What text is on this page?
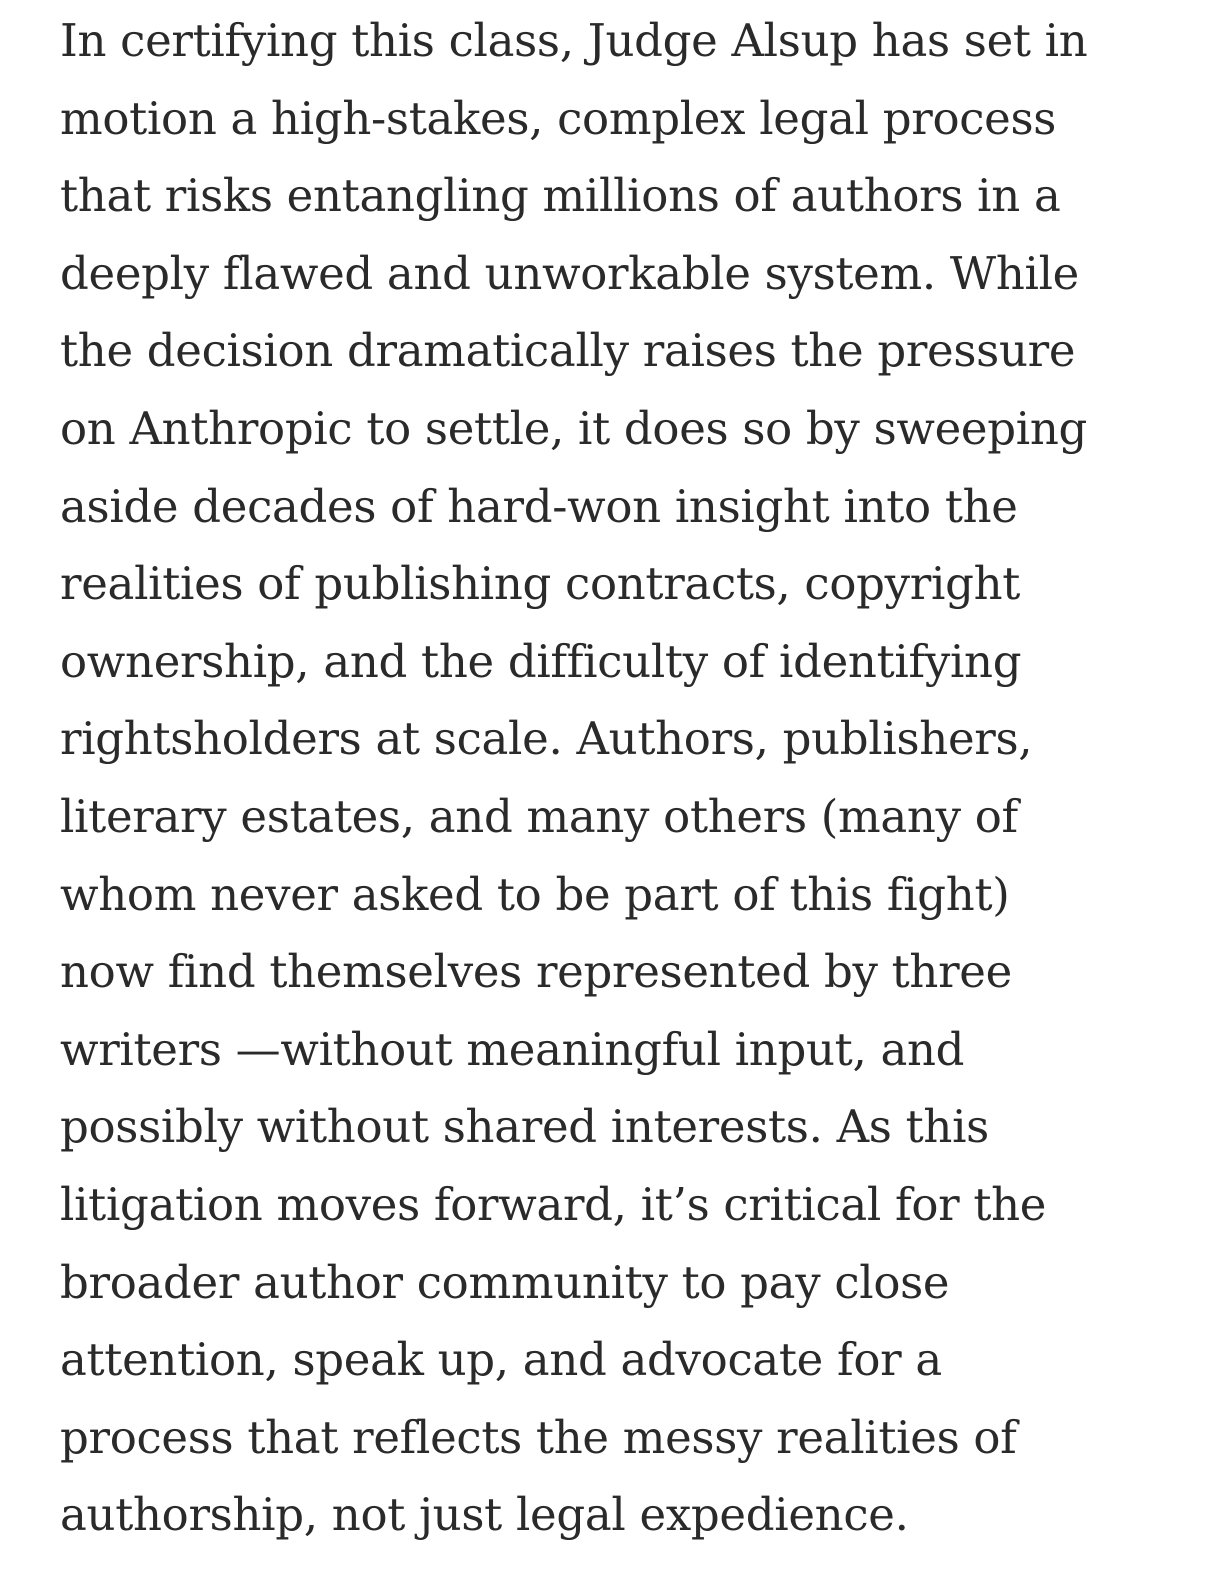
In certifying this class, Judge Alsup has set in
motion a high-stakes, complex legal process
that risks entangling millions of authors in a
deeply flawed and unworkable system. While
the decision dramatically raises the pressure
on Anthropic to settle, it does so by sweeping
aside decades of hard-won insight into the
realities of publishing contracts, copyright
ownership, and the difficulty of identifying
rightsholders at scale. Authors, publishers,
literary estates, and many others (many of
whom never asked to be part of this fight)
now find themselves represented by three
writers —without meaningful input, and
possibly without shared interests. As this
litigation moves forward, it’s critical for the
broader author community to pay close
attention, speak up, and advocate for a
process that reflects the messy realities of
authorship, not just legal expedience.
